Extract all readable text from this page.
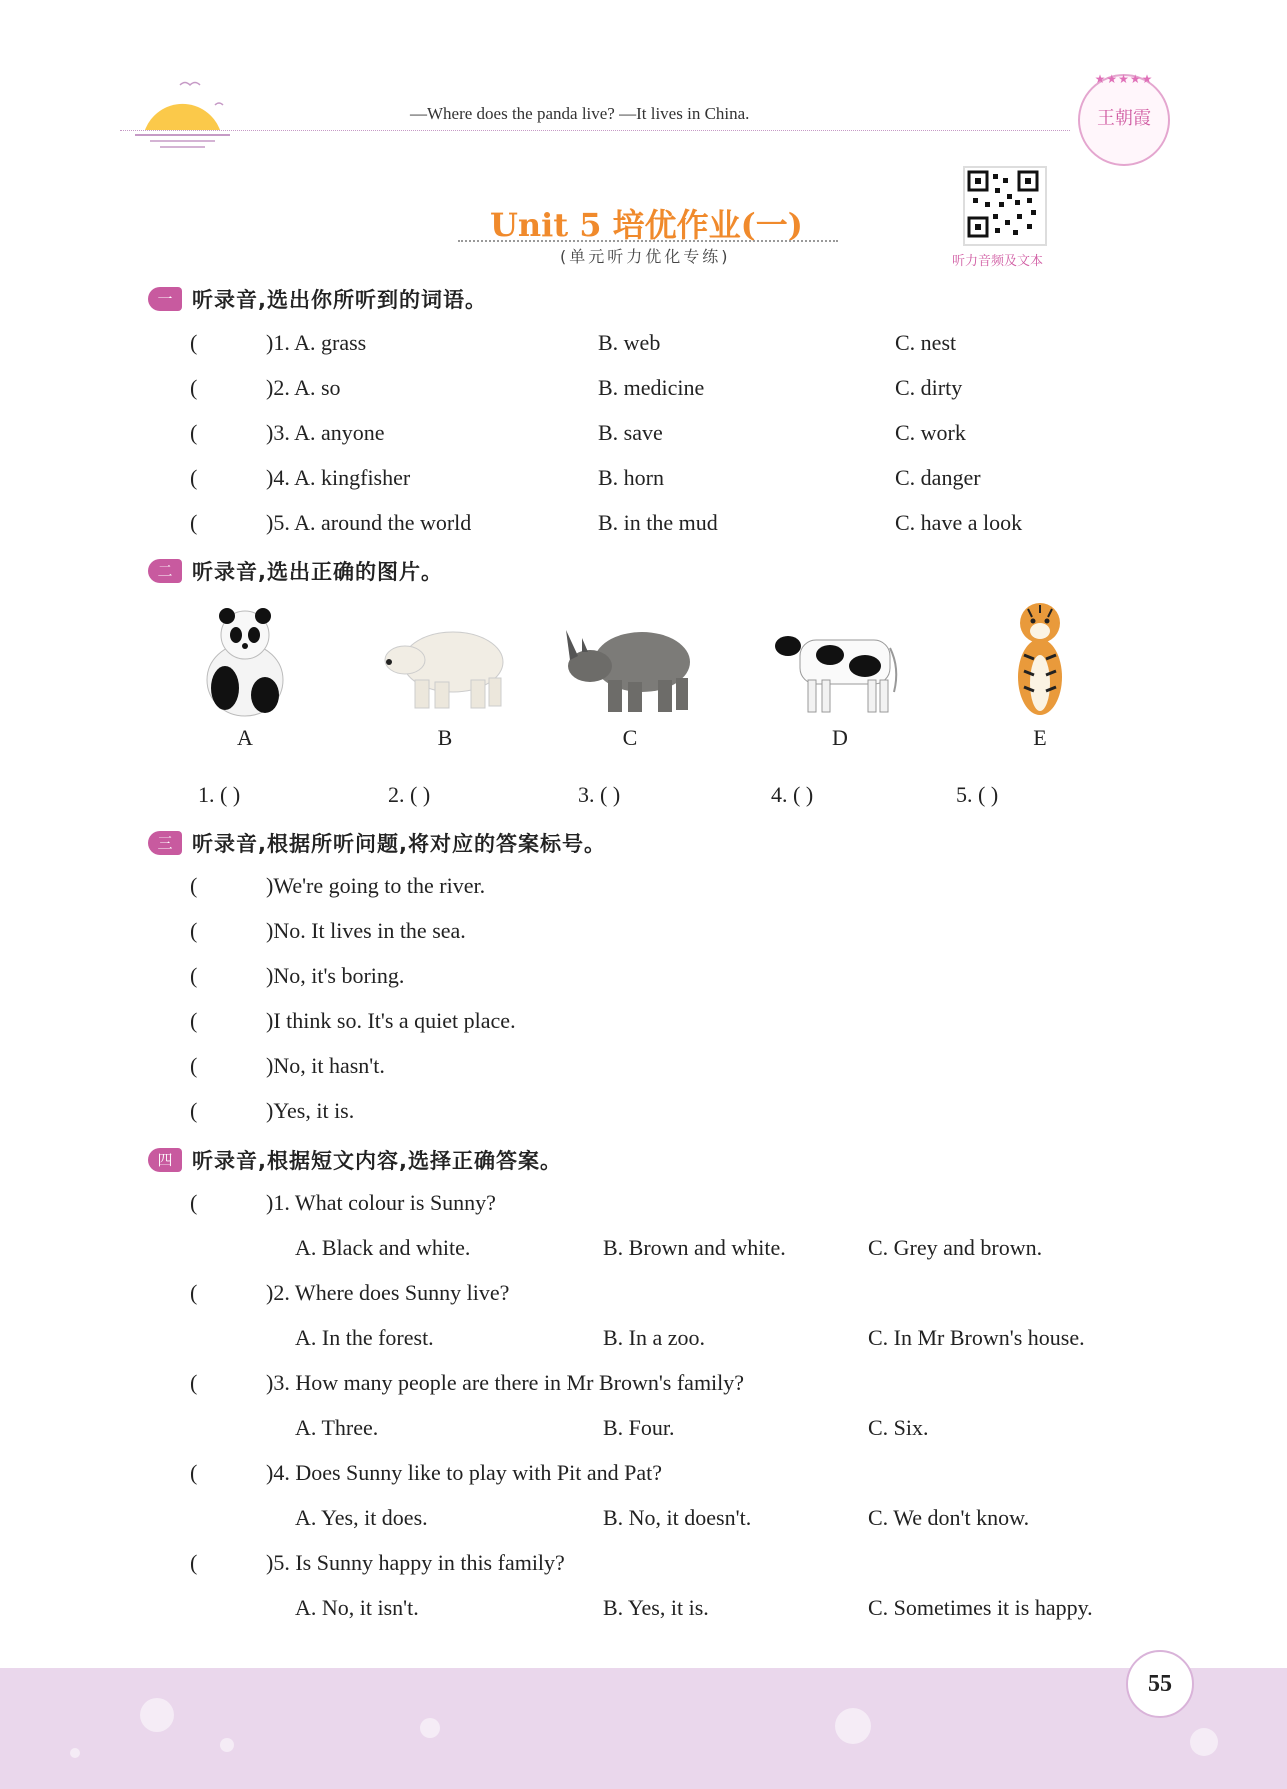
—Where does the panda live? —It lives in China.
★★★★★
王朝霞
Unit 5 培优作业(一)
(单元听力优化专练)	听力音频及文本
一 听录音,选出你所听到的词语。
(	)1. A. grass	B. web	C. nest
(	)2. A. so	B. medicine	C. dirty
(	)3. A. anyone	B. save	C. work
(	)4. A. kingfisher	B. horn	C. danger
(	)5. A. around the world	B. in the mud	C. have a look
二 听录音,选出正确的图片。
A	B	C	D	E
1. ( )	2. ( )	3. ( )	4. ( )	5. ( )
三 听录音,根据所听问题,将对应的答案标号。
(	)We're going to the river.
(	)No. It lives in the sea.
(	)No, it's boring.
(	)I think so. It's a quiet place.
(	)No, it hasn't.
(	)Yes, it is.
四 听录音,根据短文内容,选择正确答案。
(	)1. What colour is Sunny?
A. Black and white.	B. Brown and white.	C. Grey and brown.
(	)2. Where does Sunny live?
A. In the forest.	B. In a zoo.	C. In Mr Brown's house.
(	)3. How many people are there in Mr Brown's family?
A. Three.	B. Four.	C. Six.
(	)4. Does Sunny like to play with Pit and Pat?
A. Yes, it does.	B. No, it doesn't.	C. We don't know.
(	)5. Is Sunny happy in this family?
A. No, it isn't.	B. Yes, it is.	C. Sometimes it is happy.
55
